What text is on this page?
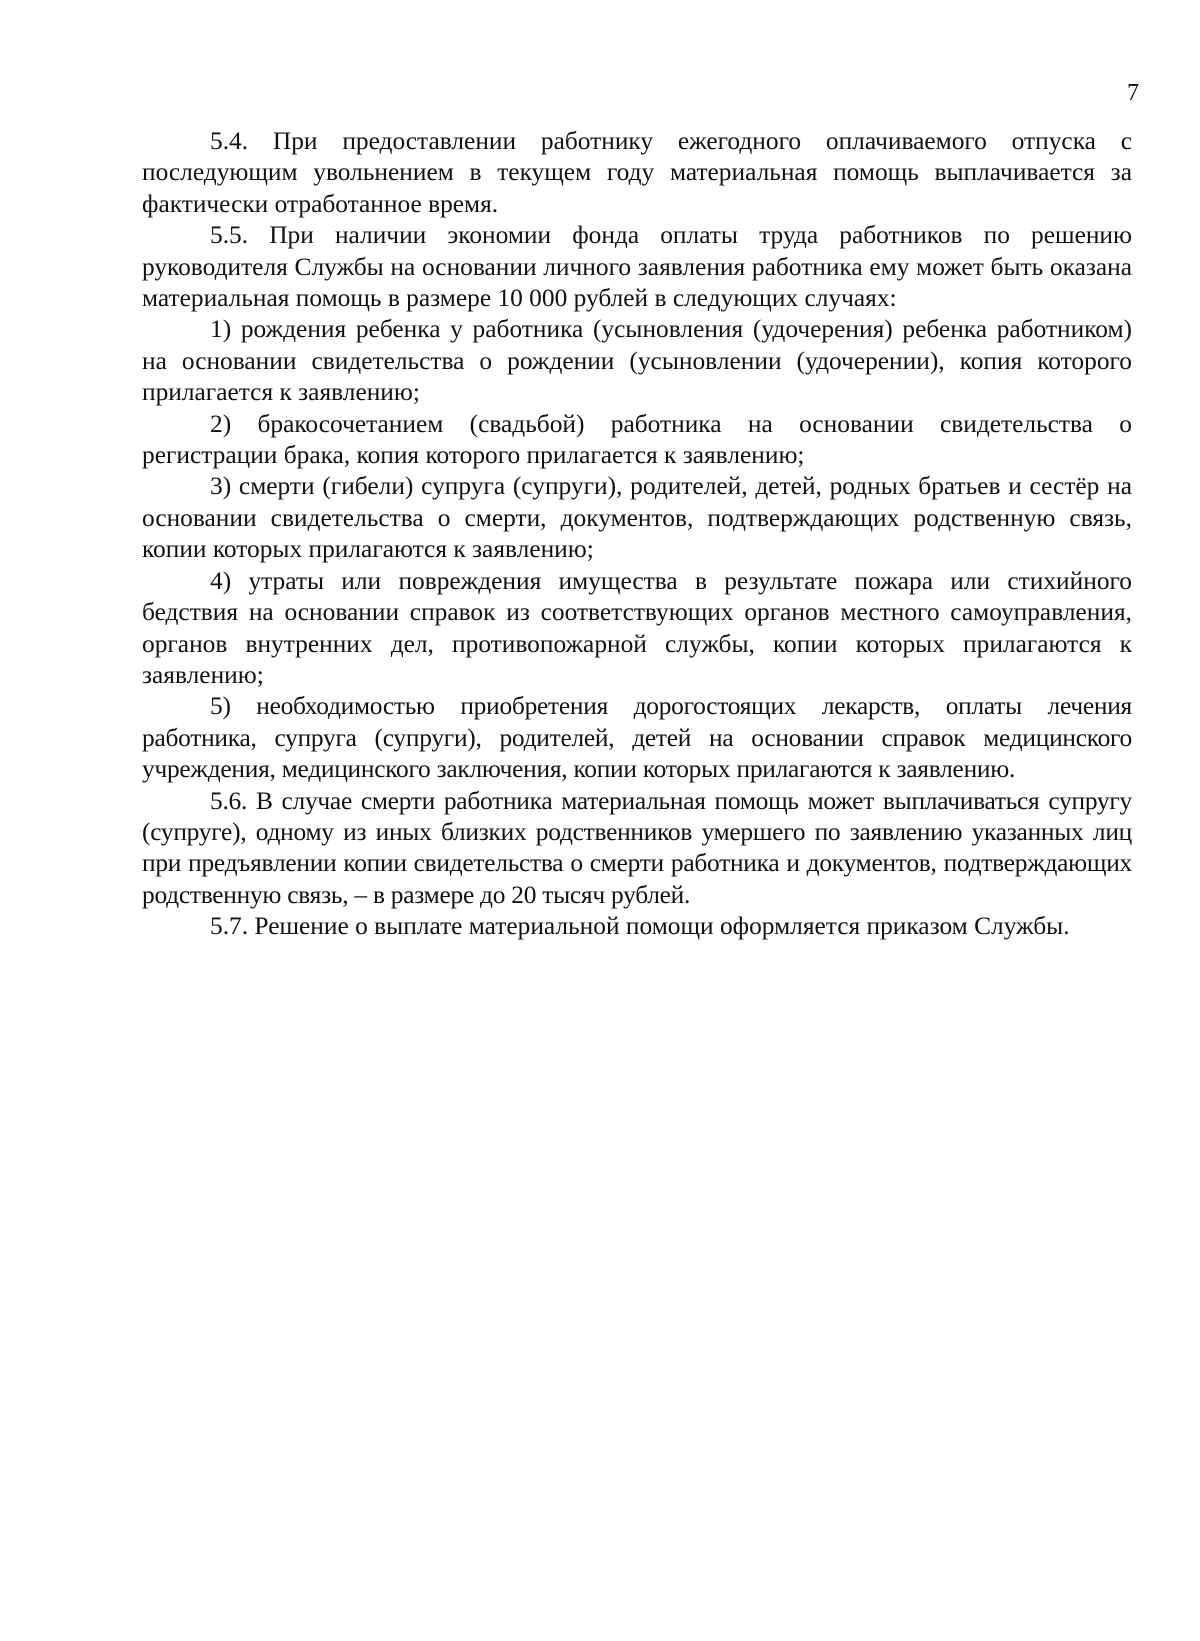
7

5.4. При предоставлении работнику ежегодного оплачиваемого отпуска с последующим увольнением в текущем году материальная помощь выплачивается за фактически отработанное время.

5.5. При наличии экономии фонда оплаты труда работников по решению руководителя Службы на основании личного заявления работника ему может быть оказана материальная помощь в размере 10 000 рублей в следующих случаях:

1) рождения ребенка у работника (усыновления (удочерения) ребенка работником) на основании свидетельства о рождении (усыновлении (удочерении), копия которого прилагается к заявлению;

2) бракосочетанием (свадьбой) работника на основании свидетельства о регистрации брака, копия которого прилагается к заявлению;

3) смерти (гибели) супруга (супруги), родителей, детей, родных братьев и сестёр на основании свидетельства о смерти, документов, подтверждающих родственную связь, копии которых прилагаются к заявлению;

4) утраты или повреждения имущества в результате пожара или стихийного бедствия на основании справок из соответствующих органов местного самоуправления, органов внутренних дел, противопожарной службы, копии которых прилагаются к заявлению;

5) необходимостью приобретения дорогостоящих лекарств, оплаты лечения работника, супруга (супруги), родителей, детей на основании справок медицинского учреждения, медицинского заключения, копии которых прилагаются к заявлению.

5.6. В случае смерти работника материальная помощь может выплачиваться супругу (супруге), одному из иных близких родственников умершего по заявлению указанных лиц при предъявлении копии свидетельства о смерти работника и документов, подтверждающих родственную связь, – в размере до 20 тысяч рублей.

5.7. Решение о выплате материальной помощи оформляется приказом Службы.
